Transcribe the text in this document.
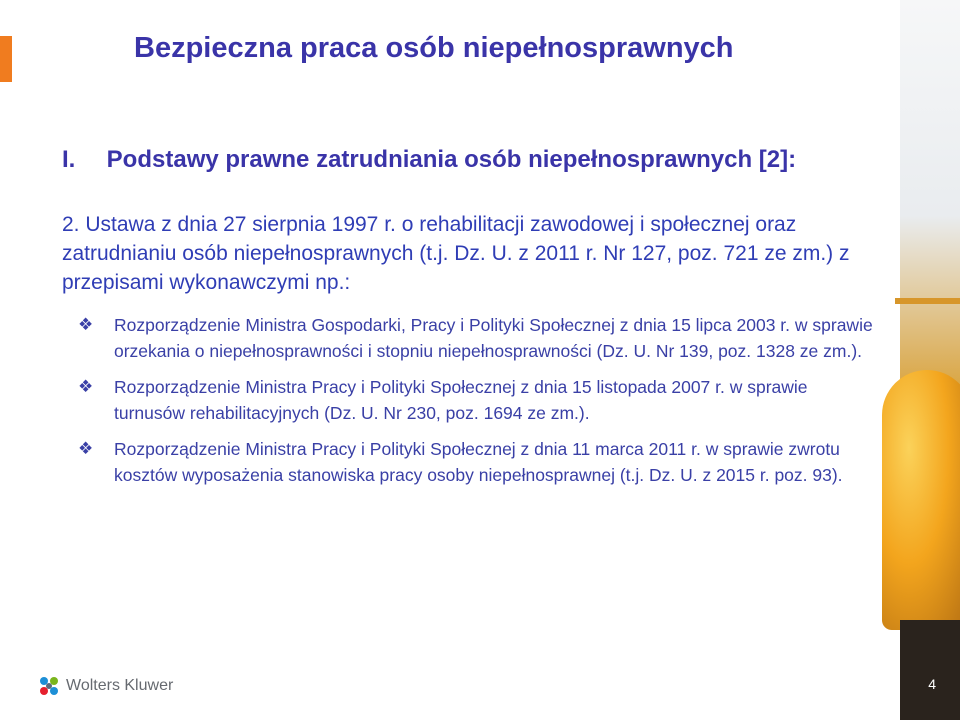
Bezpieczna praca osób niepełnosprawnych
I. Podstawy prawne zatrudniania osób niepełnosprawnych [2]:
2. Ustawa z dnia 27 sierpnia 1997 r. o rehabilitacji zawodowej i społecznej oraz zatrudnianiu osób niepełnosprawnych (t.j. Dz. U. z 2011 r. Nr 127, poz. 721 ze zm.) z przepisami wykonawczymi np.:
❖ Rozporządzenie Ministra Gospodarki, Pracy i Polityki Społecznej z dnia 15 lipca 2003 r. w sprawie orzekania o niepełnosprawności i stopniu niepełnosprawności (Dz. U. Nr 139, poz. 1328 ze zm.).
❖ Rozporządzenie Ministra Pracy i Polityki Społecznej z dnia 15 listopada 2007 r. w sprawie turnusów rehabilitacyjnych (Dz. U. Nr 230, poz. 1694 ze zm.).
❖ Rozporządzenie Ministra Pracy i Polityki Społecznej z dnia 11 marca 2011 r. w sprawie zwrotu kosztów wyposażenia stanowiska pracy osoby niepełnosprawnej (t.j. Dz. U. z 2015 r. poz. 93).
4
Wolters Kluwer
